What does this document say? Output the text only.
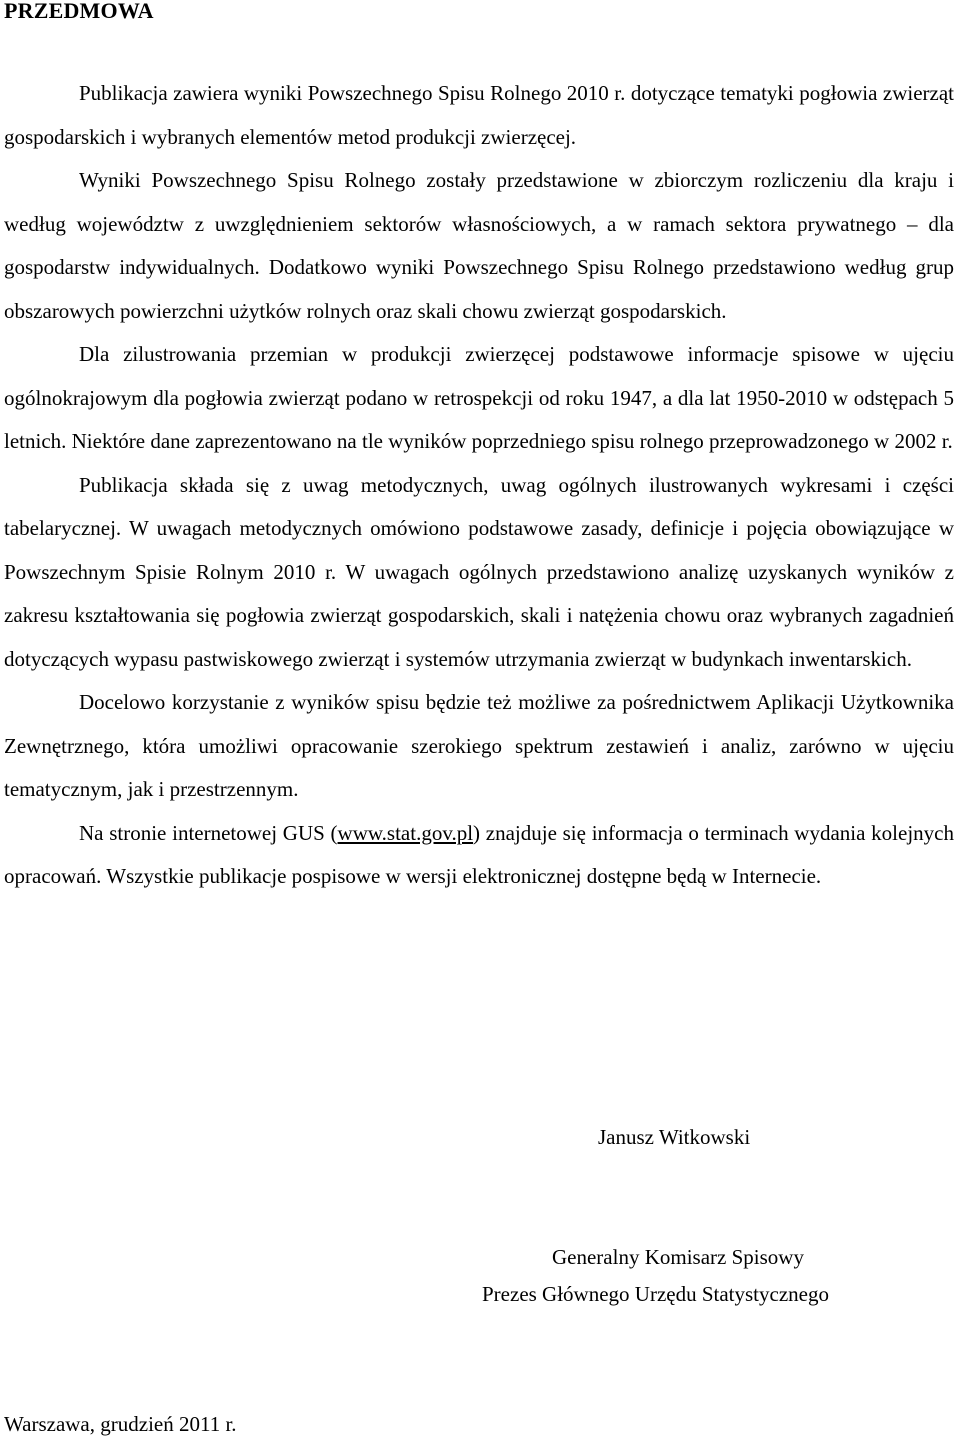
PRZEDMOWA

Publikacja zawiera wyniki Powszechnego Spisu Rolnego 2010 r. dotyczące tematyki pogłowia zwierząt gospodarskich i wybranych elementów metod produkcji zwierzęcej.

Wyniki Powszechnego Spisu Rolnego zostały przedstawione w zbiorczym rozliczeniu dla kraju i według województw z uwzględnieniem sektorów własnościowych, a w ramach sektora prywatnego – dla gospodarstw indywidualnych. Dodatkowo wyniki Powszechnego Spisu Rolnego przedstawiono według grup obszarowych powierzchni użytków rolnych oraz skali chowu zwierząt gospodarskich.

Dla zilustrowania przemian w produkcji zwierzęcej podstawowe informacje spisowe w ujęciu ogólnokrajowym dla pogłowia zwierząt podano w retrospekcji od roku 1947, a dla lat 1950-2010 w odstępach 5 letnich. Niektóre dane zaprezentowano na tle wyników poprzedniego spisu rolnego przeprowadzonego w 2002 r.

Publikacja składa się z uwag metodycznych, uwag ogólnych ilustrowanych wykresami i części tabelarycznej. W uwagach metodycznych omówiono podstawowe zasady, definicje i pojęcia obowiązujące w Powszechnym Spisie Rolnym 2010 r. W uwagach ogólnych przedstawiono analizę uzyskanych wyników z zakresu kształtowania się pogłowia zwierząt gospodarskich, skali i natężenia chowu oraz wybranych zagadnień dotyczących wypasu pastwiskowego zwierząt i systemów utrzymania zwierząt w budynkach inwentarskich.

Docelowo korzystanie z wyników spisu będzie też możliwe za pośrednictwem Aplikacji Użytkownika Zewnętrznego, która umożliwi opracowanie szerokiego spektrum zestawień i analiz, zarówno w ujęciu tematycznym, jak i przestrzennym.

Na stronie internetowej GUS (www.stat.gov.pl) znajduje się informacja o terminach wydania kolejnych opracowań. Wszystkie publikacje pospisowe w wersji elektronicznej dostępne będą w Internecie.

Janusz Witkowski
Generalny Komisarz Spisowy
Prezes Głównego Urzędu Statystycznego
Warszawa, grudzień 2011 r.
